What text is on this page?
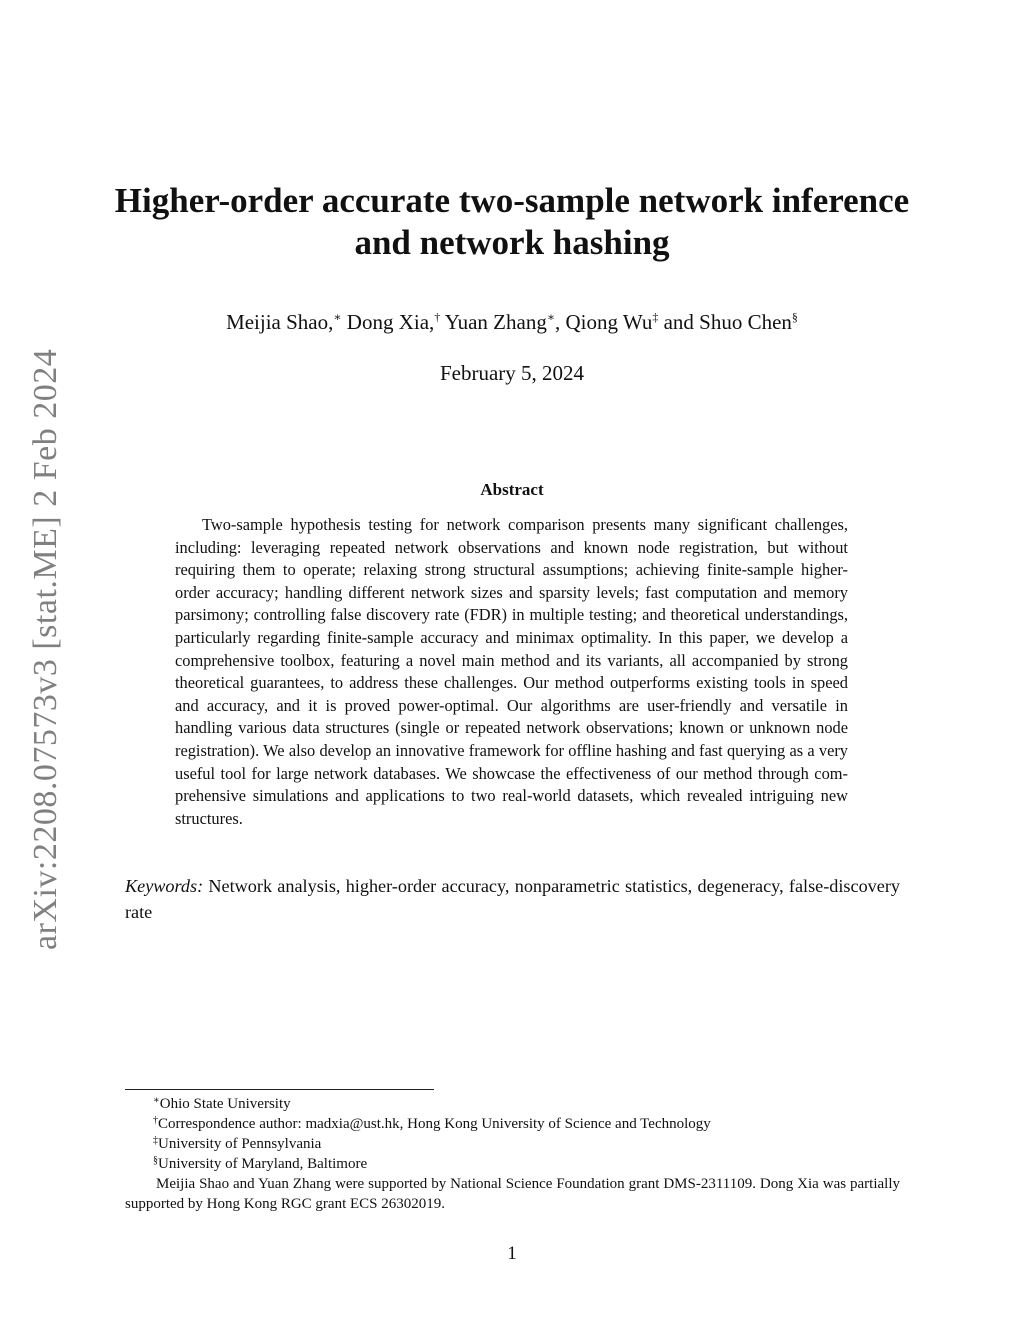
arXiv:2208.07573v3 [stat.ME] 2 Feb 2024
Higher-order accurate two-sample network inference
and network hashing
Meijia Shao,∗ Dong Xia,† Yuan Zhang∗, Qiong Wu‡ and Shuo Chen§
February 5, 2024
Abstract
Two-sample hypothesis testing for network comparison presents many significant challenges, including: leveraging repeated network observations and known node registration, but without requiring them to operate; relaxing strong structural assumptions; achieving finite-sample higher-order accuracy; handling different network sizes and sparsity levels; fast computation and memory parsimony; controlling false discovery rate (FDR) in multiple testing; and theoretical understandings, particularly regarding finite-sample accuracy and minimax optimality. In this paper, we develop a comprehensive toolbox, featuring a novel main method and its variants, all accompanied by strong theoretical guarantees, to address these challenges. Our method outperforms existing tools in speed and accuracy, and it is proved power-optimal. Our algorithms are user-friendly and versatile in handling various data structures (single or repeated network observations; known or unknown node registration). We also develop an innovative framework for offline hashing and fast querying as a very useful tool for large network databases. We showcase the effectiveness of our method through comprehensive simulations and applications to two real-world datasets, which revealed intriguing new structures.
Keywords: Network analysis, higher-order accuracy, nonparametric statistics, degeneracy, false-discovery rate

∗Ohio State University

†Correspondence author: madxia@ust.hk, Hong Kong University of Science and Technology

‡University of Pennsylvania

§University of Maryland, Baltimore

Meijia Shao and Yuan Zhang were supported by National Science Foundation grant DMS-2311109. Dong Xia was partially supported by Hong Kong RGC grant ECS 26302019.

1
